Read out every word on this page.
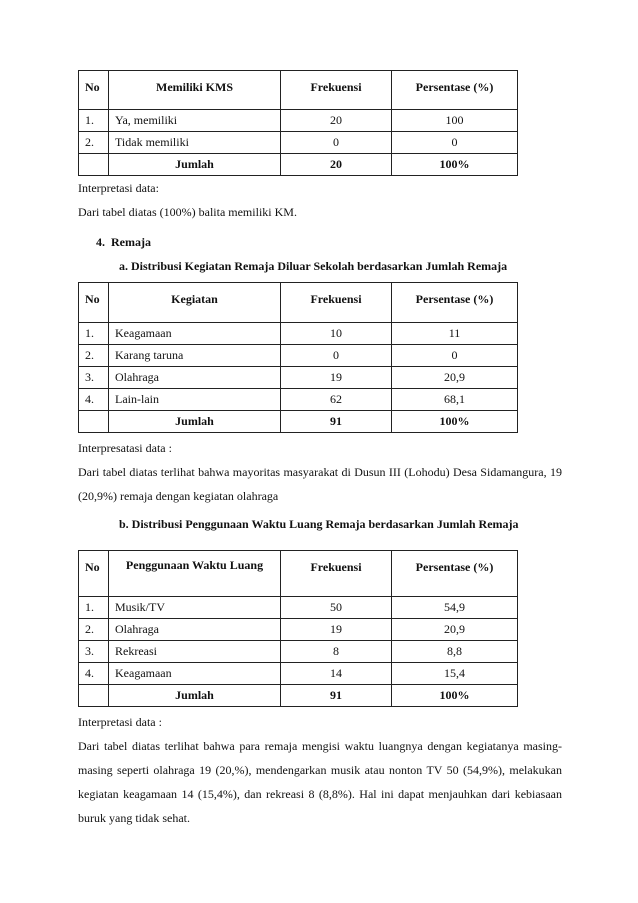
No	Memiliki KMS	Frekuensi	Persentase (%)
1.	Ya, memiliki	20	100
2.	Tidak memiliki	0	0
	Jumlah	20	100%

Interpretasi data:

Dari tabel diatas (100%) balita memiliki KM.

4. Remaja

a. Distribusi Kegiatan Remaja Diluar Sekolah berdasarkan Jumlah Remaja

No	Kegiatan	Frekuensi	Persentase (%)
1.	Keagamaan	10	11
2.	Karang taruna	0	0
3.	Olahraga	19	20,9
4.	Lain-lain	62	68,1
	Jumlah	91	100%

Interpresatasi data :

Dari tabel diatas terlihat bahwa mayoritas masyarakat di Dusun III (Lohodu) Desa Sidamangura, 19 (20,9%) remaja dengan kegiatan olahraga

b. Distribusi Penggunaan Waktu Luang Remaja berdasarkan Jumlah Remaja

No	Penggunaan Waktu Luang	Frekuensi	Persentase (%)
1.	Musik/TV	50	54,9
2.	Olahraga	19	20,9
3.	Rekreasi	8	8,8
4.	Keagamaan	14	15,4
	Jumlah	91	100%

Interpretasi data :

Dari tabel diatas terlihat bahwa para remaja mengisi waktu luangnya dengan kegiatanya masing-masing seperti olahraga 19 (20,%), mendengarkan musik atau nonton TV 50 (54,9%), melakukan kegiatan keagamaan 14 (15,4%), dan rekreasi 8 (8,8%). Hal ini dapat menjauhkan dari kebiasaan buruk yang tidak sehat.
